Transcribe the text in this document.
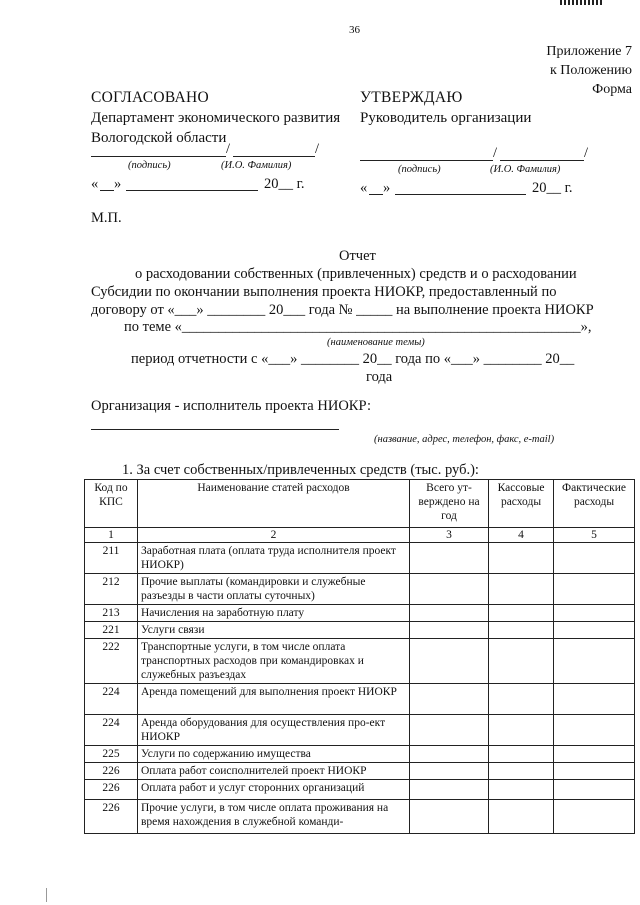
36
Приложение 7
к Положению
Форма
СОГЛАСОВАНО
Департамент экономического развития
Вологодской области
/	/
(подпись)	(И.О. Фамилия)
« »	20__ г.
УТВЕРЖДАЮ
Руководитель организации
/	/
(подпись)	(И.О. Фамилия)
« »	20__ г.
М.П.
Отчет
о расходовании собственных (привлеченных) средств и о расходовании
Субсидии по окончании выполнения проекта НИОКР, предоставленный по
договору от «___» ________ 20___ года № _____ на выполнение проекта НИОКР
по теме «_______________________________________________________»,
(наименование темы)
период отчетности с «___» ________ 20__ года по «___» ________ 20__
года
Организация - исполнитель проекта НИОКР:
(название, адрес, телефон, факс, e-mail)
1. За счет собственных/привлеченных средств (тыс. руб.):
Код по КПС	Наименование статей расходов	Всего ут-верждено на год	Кассовые расходы	Фактические расходы
1	2	3	4	5
211	Заработная плата (оплата труда исполнителя проект НИОКР)			
212	Прочие выплаты (командировки и служебные разъезды в части оплаты суточных)			
213	Начисления на заработную плату			
221	Услуги связи			
222	Транспортные услуги, в том числе оплата транспортных расходов при командировках и служебных разъездах			
224	Аренда помещений для выполнения проект НИОКР			
224	Аренда оборудования для осуществления про-ект НИОКР			
225	Услуги по содержанию имущества			
226	Оплата работ соисполнителей проект НИОКР			
226	Оплата работ и услуг сторонних организаций			
226	Прочие услуги, в том числе оплата проживания на время нахождения в служебной команди-			
